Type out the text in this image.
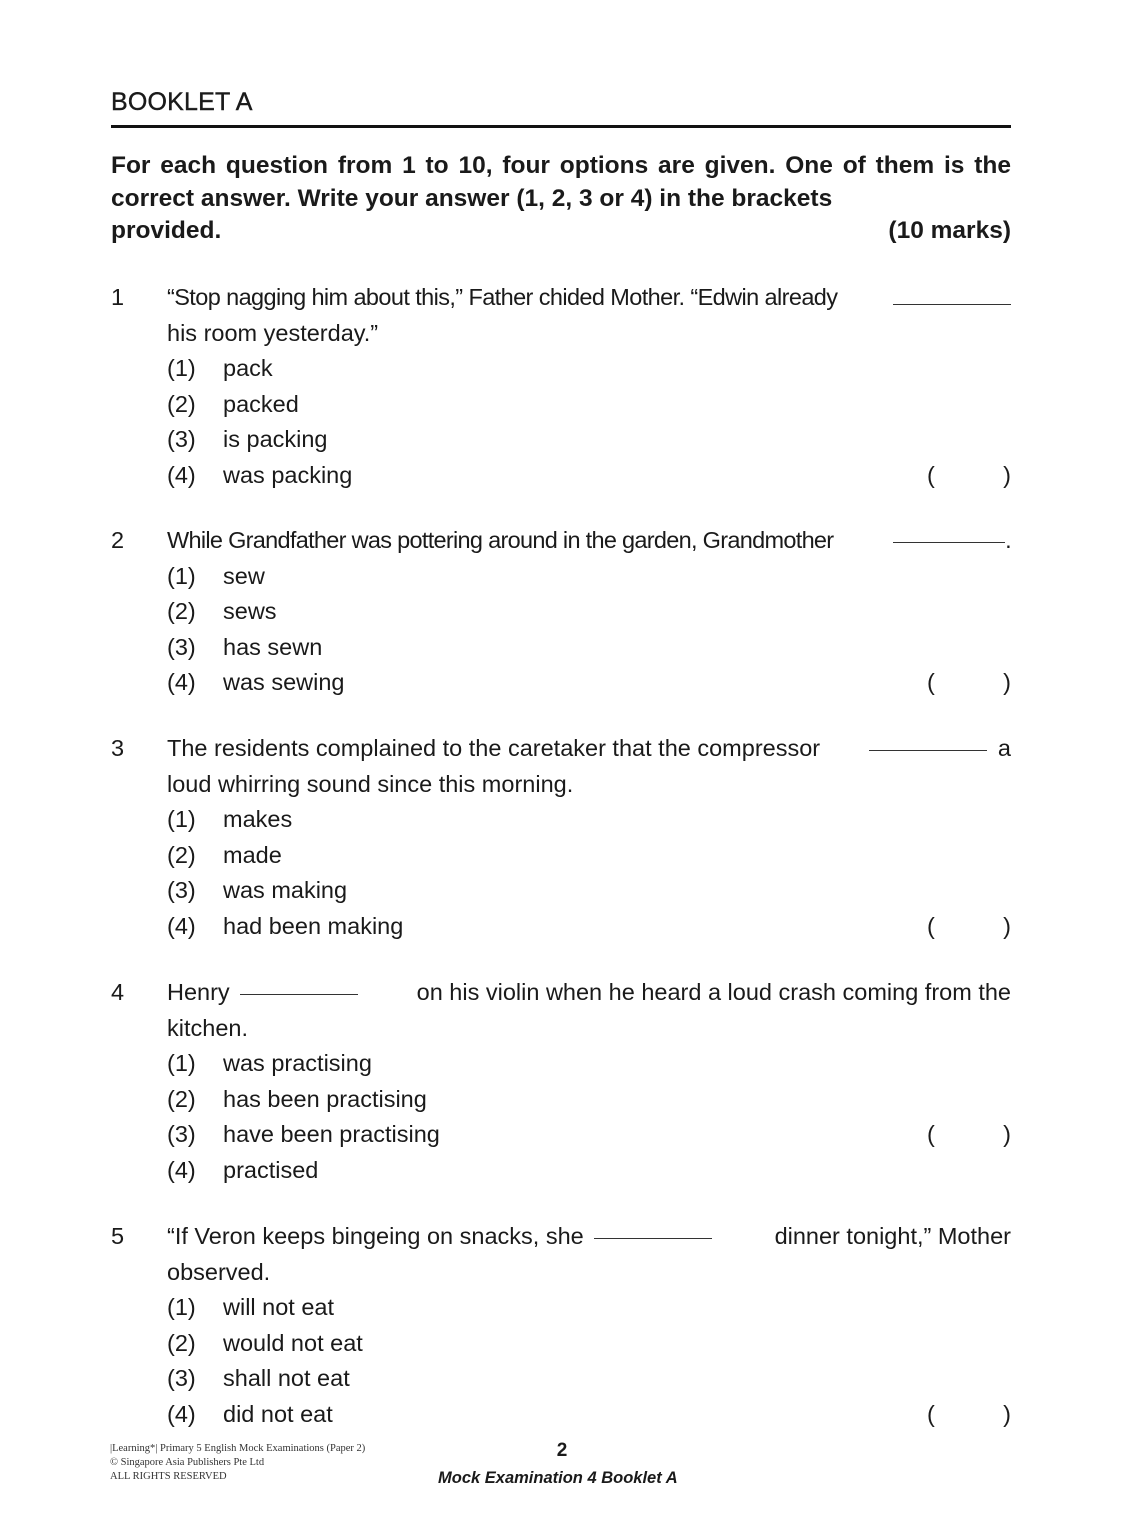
BOOKLET A
For each question from 1 to 10, four options are given. One of them is the correct answer. Write your answer (1, 2, 3 or 4) in the brackets
provided.	(10 marks)
1 “Stop nagging him about this,” Father chided Mother. “Edwin already
his room yesterday.”
(1) pack
(2) packed
(3) is packing
(4) was packing	(	)
2 While Grandfather was pottering around in the garden, Grandmother	.
(1) sew
(2) sews
(3) has sewn
(4) was sewing	(	)
3 The residents complained to the caretaker that the compressor	a
loud whirring sound since this morning.
(1) makes
(2) made
(3) was making
(4) had been making	(	)
4 Henry	on his violin when he heard a loud crash coming from the
kitchen.
(1) was practising
(2) has been practising
(3) have been practising	(	)
(4) practised
5 “If Veron keeps bingeing on snacks, she	dinner tonight,” Mother
observed.
(1) will not eat
(2) would not eat
(3) shall not eat
(4) did not eat	(	)
|Learning*| Primary 5 English Mock Examinations (Paper 2)
© Singapore Asia Publishers Pte Ltd
ALL RIGHTS RESERVED
2
Mock Examination 4 Booklet A
